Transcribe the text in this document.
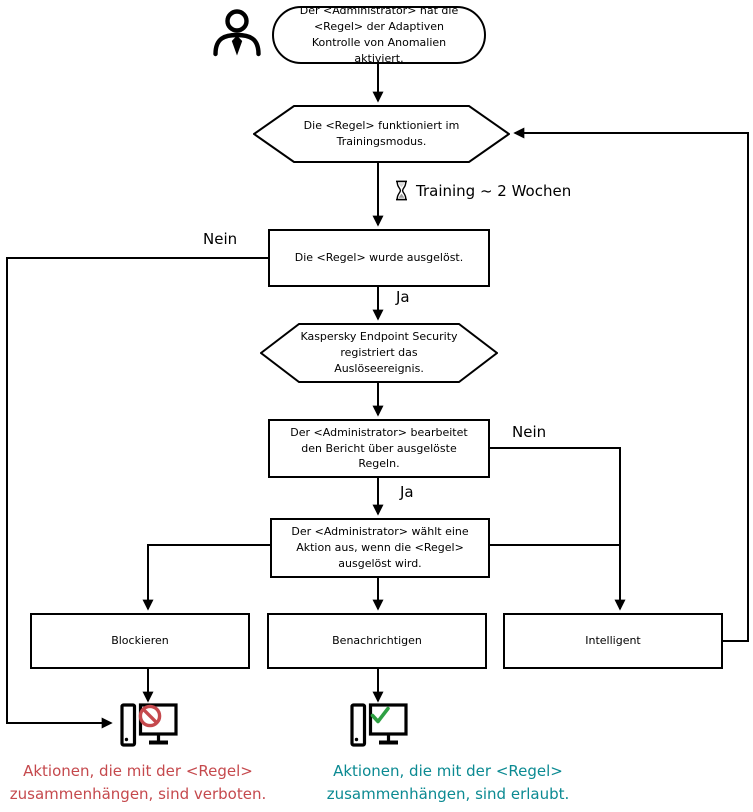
Der <Administrator> hat die <Regel> der Adaptiven Kontrolle von Anomalien aktiviert.
Die <Regel> funktioniert im Trainingsmodus.
Training ~ 2 Wochen
Die <Regel> wurde ausgelöst.
Nein
Ja
Kaspersky Endpoint Security registriert das Auslöseereignis.
Der <Administrator> bearbeitet den Bericht über ausgelöste Regeln.
Nein
Ja
Der <Administrator> wählt eine Aktion aus, wenn die <Regel> ausgelöst wird.
Blockieren	Benachrichtigen	Intelligent
Aktionen, die mit der <Regel> zusammenhängen, sind verboten.
Aktionen, die mit der <Regel> zusammenhängen, sind erlaubt.
